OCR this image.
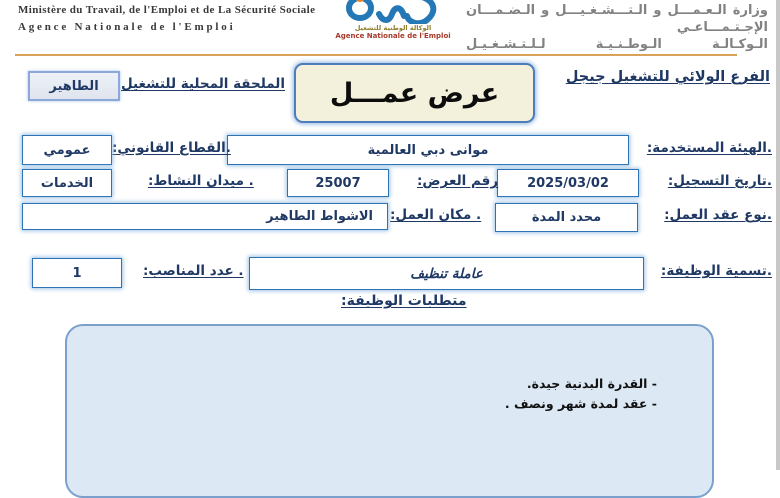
Ministère du Travail, de l'Emploi et de La Sécurité Sociale
Agence Nationale de l'Emploi	الوكالة الوطنية للتشغيل
Agence Nationale de l'Emploi
وزارة الـعـمـــل و الـتـــشـغـيـــل و الـضـمـــان الإجـتـمـــاعـي
الـوكـالـة الـوطـنـيـة لـلـتـشـغـيـل
الفرع الولائي للتشغيل جيجل
عرض عمـــل
الملحقة المحلية للتشغيل
الطاهير
.الهيئة المستخدمة:
موانى دبي العالمية
.القطاع القانوني:
عمومي
.تاريخ التسجيل:
2025/03/02
رقم العرض:
25007
. ميدان النشاط:
الخدمات
.نوع عقد العمل:
محدد المدة
. مكان العمل:
الاشواط الطاهير
.تسمية الوظيفة:
عاملة تنظيف
. عدد المناصب:
1
متطلبات الوظيفة:
- القدرة البدنية جيدة.
- عقد لمدة شهر ونصف .
